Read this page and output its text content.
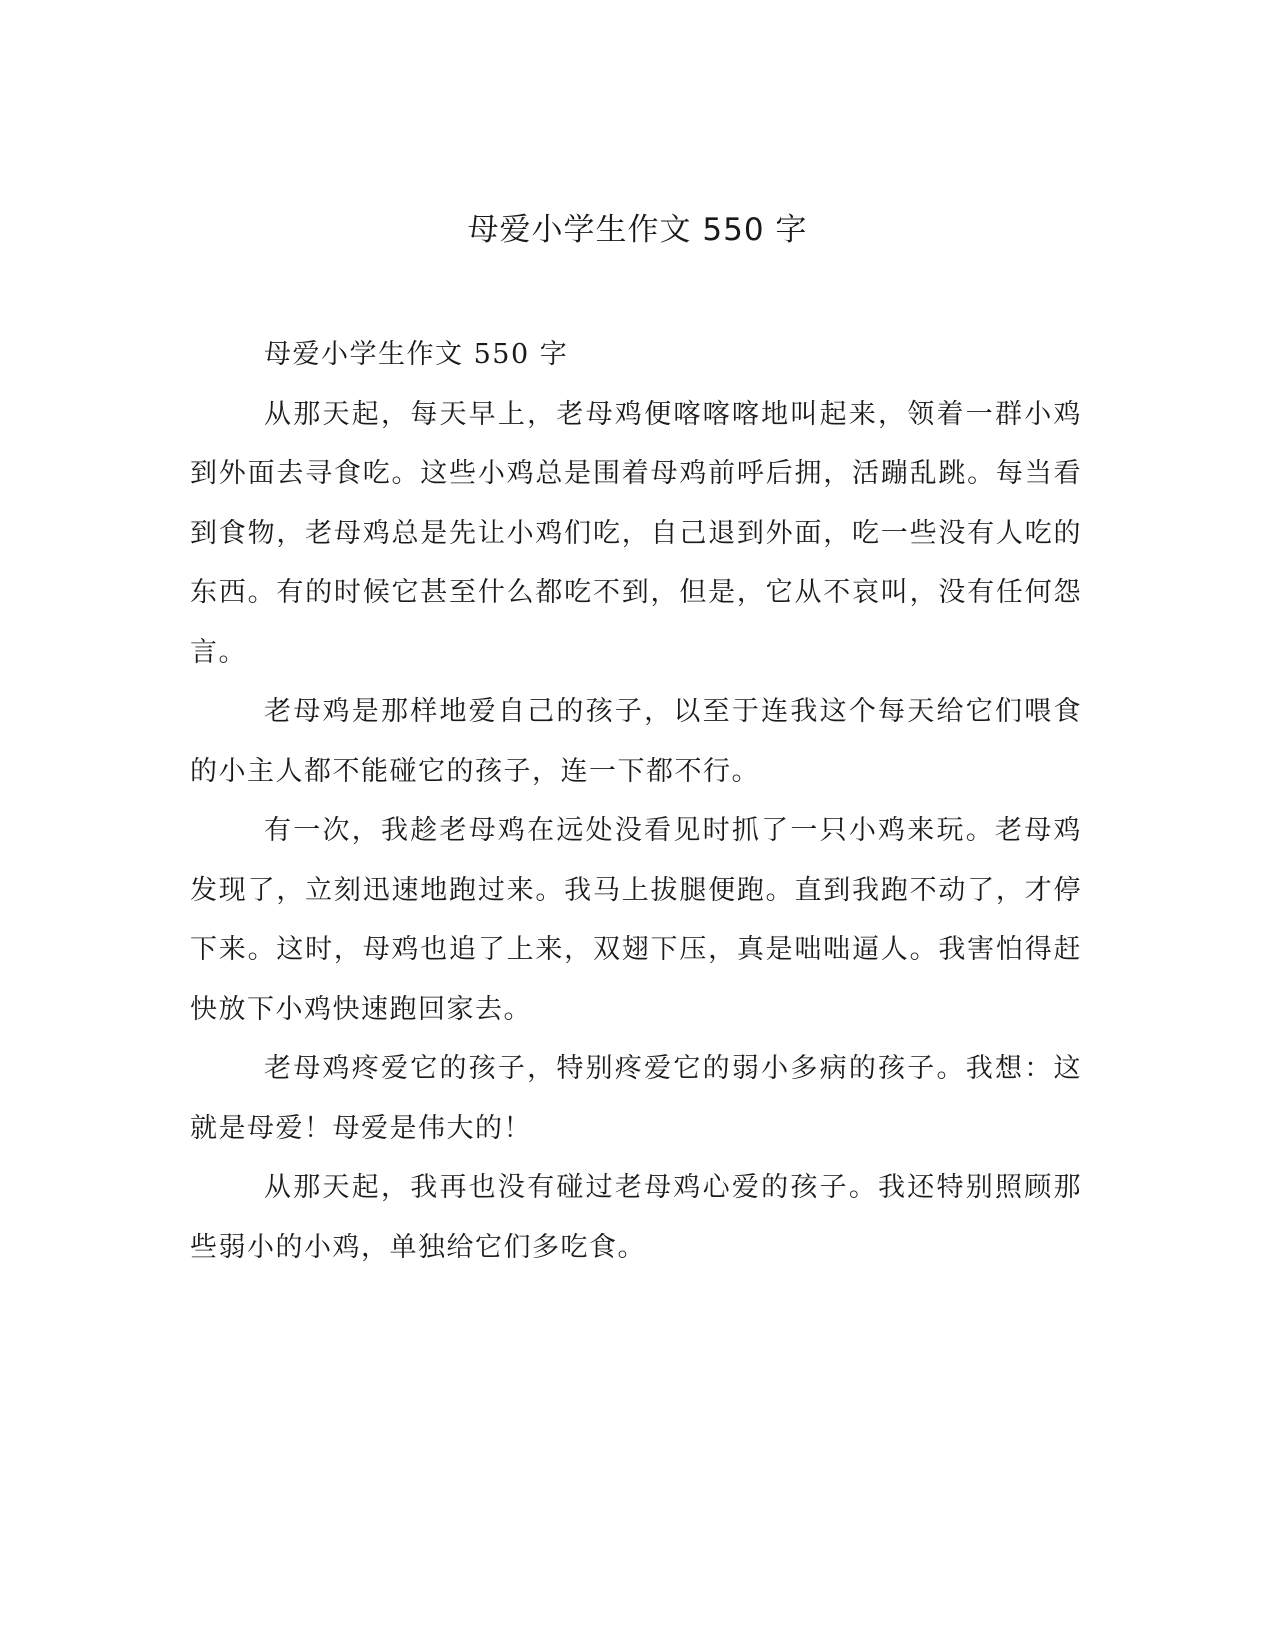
母爱小学生作文 550 字

母爱小学生作文 550 字

从那天起，每天早上，老母鸡便喀喀喀地叫起来，领着一群小鸡到外面去寻食吃。这些小鸡总是围着母鸡前呼后拥，活蹦乱跳。每当看到食物，老母鸡总是先让小鸡们吃，自己退到外面，吃一些没有人吃的东西。有的时候它甚至什么都吃不到，但是，它从不哀叫，没有任何怨言。

老母鸡是那样地爱自己的孩子，以至于连我这个每天给它们喂食的小主人都不能碰它的孩子，连一下都不行。

有一次，我趁老母鸡在远处没看见时抓了一只小鸡来玩。老母鸡发现了，立刻迅速地跑过来。我马上拔腿便跑。直到我跑不动了，才停下来。这时，母鸡也追了上来，双翅下压，真是咄咄逼人。我害怕得赶快放下小鸡快速跑回家去。

老母鸡疼爱它的孩子，特别疼爱它的弱小多病的孩子。我想：这就是母爱！母爱是伟大的！

从那天起，我再也没有碰过老母鸡心爱的孩子。我还特别照顾那些弱小的小鸡，单独给它们多吃食。
